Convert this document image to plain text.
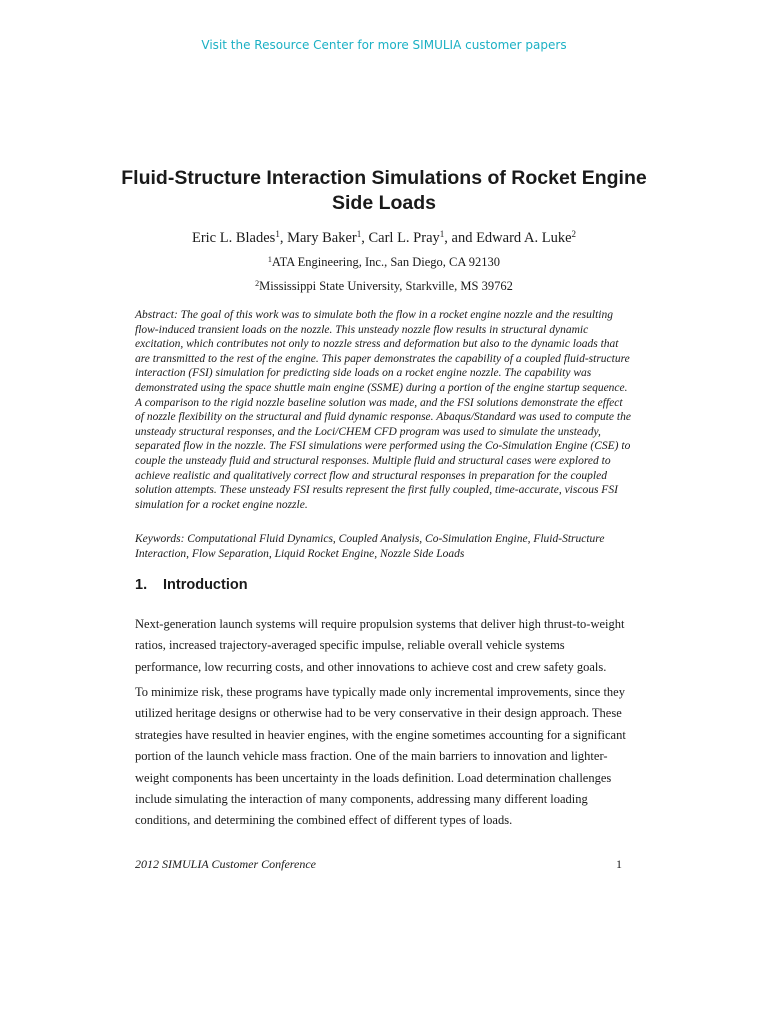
Visit the Resource Center for more SIMULIA customer papers
Fluid-Structure Interaction Simulations of Rocket Engine Side Loads
Eric L. Blades$^1$, Mary Baker$^1$, Carl L. Pray$^1$, and Edward A. Luke$^2$
$^1$ATA Engineering, Inc., San Diego, CA 92130
$^2$Mississippi State University, Starkville, MS 39762

Abstract: The goal of this work was to simulate both the flow in a rocket engine nozzle and the resulting flow-induced transient loads on the nozzle. This unsteady nozzle flow results in structural dynamic excitation, which contributes not only to nozzle stress and deformation but also to the dynamic loads that are transmitted to the rest of the engine. This paper demonstrates the capability of a coupled fluid-structure interaction (FSI) simulation for predicting side loads on a rocket engine nozzle. The capability was demonstrated using the space shuttle main engine (SSME) during a portion of the engine startup sequence. A comparison to the rigid nozzle baseline solution was made, and the FSI solutions demonstrate the effect of nozzle flexibility on the structural and fluid dynamic response. Abaqus/Standard was used to compute the unsteady structural responses, and the Loci/CHEM CFD program was used to simulate the unsteady, separated flow in the nozzle. The FSI simulations were performed using the Co-Simulation Engine (CSE) to couple the unsteady fluid and structural responses. Multiple fluid and structural cases were explored to achieve realistic and qualitatively correct flow and structural responses in preparation for the coupled solution attempts. These unsteady FSI results represent the first fully coupled, time-accurate, viscous FSI simulation for a rocket engine nozzle.

Keywords: Computational Fluid Dynamics, Coupled Analysis, Co-Simulation Engine, Fluid-Structure Interaction, Flow Separation, Liquid Rocket Engine, Nozzle Side Loads

1. Introduction

Next-generation launch systems will require propulsion systems that deliver high thrust-to-weight ratios, increased trajectory-averaged specific impulse, reliable overall vehicle systems performance, low recurring costs, and other innovations to achieve cost and crew safety goals.

To minimize risk, these programs have typically made only incremental improvements, since they utilized heritage designs or otherwise had to be very conservative in their design approach. These strategies have resulted in heavier engines, with the engine sometimes accounting for a significant portion of the launch vehicle mass fraction. One of the main barriers to innovation and lighter-weight components has been uncertainty in the loads definition. Load determination challenges include simulating the interaction of many components, addressing many different loading conditions, and determining the combined effect of different types of loads.

2012 SIMULIA Customer Conference	1
